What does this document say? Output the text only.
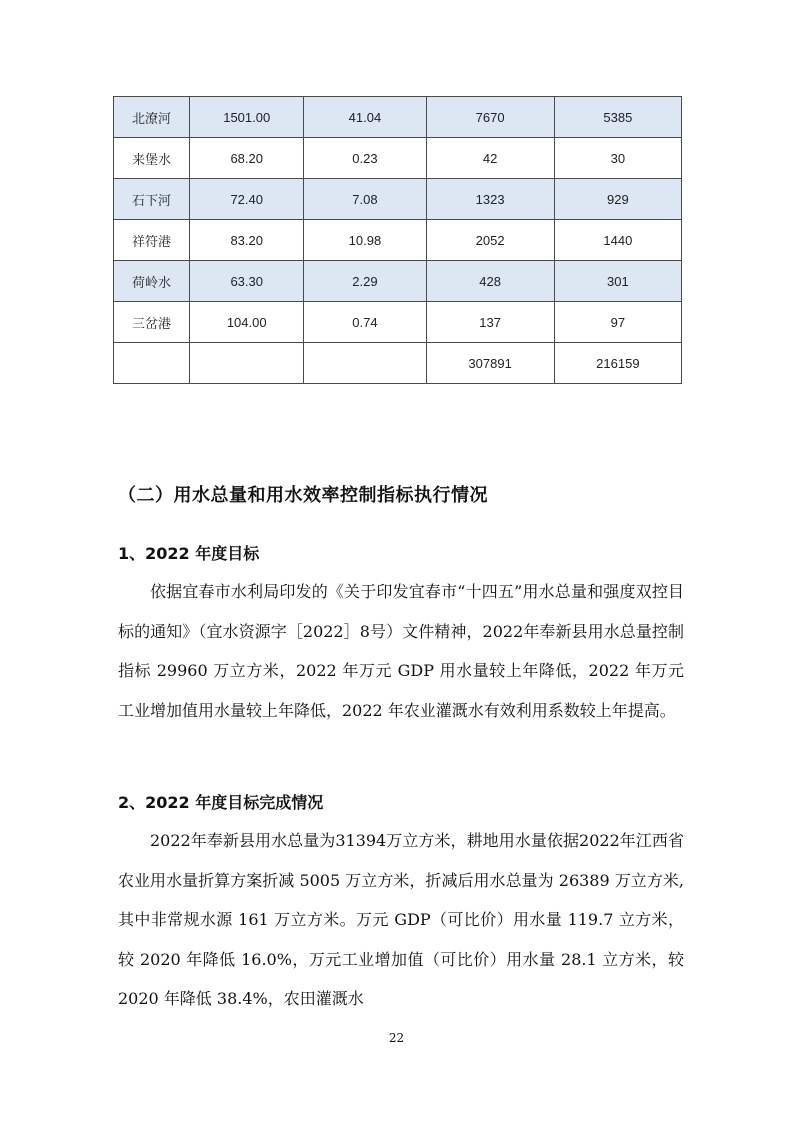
北潦河	1501.00	41.04	7670	5385
来堡水	68.20	0.23	42	30
石下河	72.40	7.08	1323	929
祥符港	83.20	10.98	2052	1440
荷岭水	63.30	2.29	428	301
三岔港	104.00	0.74	137	97
			307891	216159
（二）用水总量和用水效率控制指标执行情况
1、2022 年度目标

依据宜春市水利局印发的《关于印发宜春市“十四五”用水总量和强度双控目标的通知》（宜水资源字［2022］8号）文件精神，2022年奉新县用水总量控制指标 29960 万立方米，2022 年万元 GDP 用水量较上年降低，2022 年万元工业增加值用水量较上年降低，2022 年农业灌溉水有效利用系数较上年提高。

2、2022 年度目标完成情况

2022年奉新县用水总量为31394万立方米，耕地用水量依据2022年江西省农业用水量折算方案折减 5005 万立方米，折减后用水总量为 26389 万立方米,其中非常规水源 161 万立方米。万元 GDP（可比价）用水量 119.7 立方米，较 2020 年降低 16.0%，万元工业增加值（可比价）用水量 28.1 立方米，较 2020 年降低 38.4%，农田灌溉水

22
